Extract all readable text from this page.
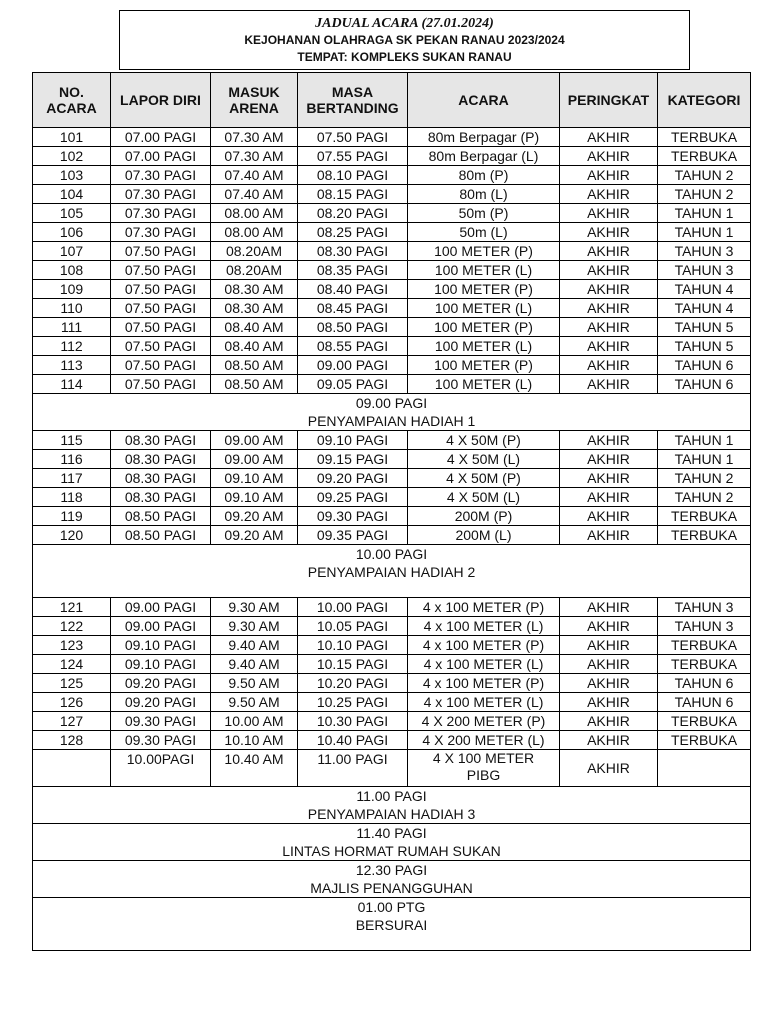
JADUAL ACARA (27.01.2024)
KEJOHANAN OLAHRAGA SK PEKAN RANAU 2023/2024
TEMPAT: KOMPLEKS SUKAN RANAU
NO. ACARA	LAPOR DIRI	MASUK ARENA	MASA BERTANDING	ACARA	PERINGKAT	KATEGORI
101	07.00 PAGI	07.30 AM	07.50 PAGI	80m Berpagar (P)	AKHIR	TERBUKA
102	07.00 PAGI	07.30 AM	07.55 PAGI	80m Berpagar (L)	AKHIR	TERBUKA
103	07.30 PAGI	07.40 AM	08.10 PAGI	80m (P)	AKHIR	TAHUN 2
104	07.30 PAGI	07.40 AM	08.15 PAGI	80m (L)	AKHIR	TAHUN 2
105	07.30 PAGI	08.00 AM	08.20 PAGI	50m (P)	AKHIR	TAHUN 1
106	07.30 PAGI	08.00 AM	08.25 PAGI	50m (L)	AKHIR	TAHUN 1
107	07.50 PAGI	08.20AM	08.30 PAGI	100 METER (P)	AKHIR	TAHUN 3
108	07.50 PAGI	08.20AM	08.35 PAGI	100 METER (L)	AKHIR	TAHUN 3
109	07.50 PAGI	08.30 AM	08.40 PAGI	100 METER (P)	AKHIR	TAHUN 4
110	07.50 PAGI	08.30 AM	08.45 PAGI	100 METER (L)	AKHIR	TAHUN 4
111	07.50 PAGI	08.40 AM	08.50 PAGI	100 METER (P)	AKHIR	TAHUN 5
112	07.50 PAGI	08.40 AM	08.55 PAGI	100 METER (L)	AKHIR	TAHUN 5
113	07.50 PAGI	08.50 AM	09.00 PAGI	100 METER (P)	AKHIR	TAHUN 6
114	07.50 PAGI	08.50 AM	09.05 PAGI	100 METER (L)	AKHIR	TAHUN 6

09.00 PAGI
PENYAMPAIAN HADIAH 1						

115	08.30 PAGI	09.00 AM	09.10 PAGI	4 X 50M (P)	AKHIR	TAHUN 1
116	08.30 PAGI	09.00 AM	09.15 PAGI	4 X 50M (L)	AKHIR	TAHUN 1
117	08.30 PAGI	09.10 AM	09.20 PAGI	4 X 50M (P)	AKHIR	TAHUN 2
118	08.30 PAGI	09.10 AM	09.25 PAGI	4 X 50M (L)	AKHIR	TAHUN 2
119	08.50 PAGI	09.20 AM	09.30 PAGI	200M (P)	AKHIR	TERBUKA
120	08.50 PAGI	09.20 AM	09.35 PAGI	200M (L)	AKHIR	TERBUKA

10.00 PAGI
PENYAMPAIAN HADIAH 2						

121	09.00 PAGI	9.30 AM	10.00 PAGI	4 x 100 METER (P)	AKHIR	TAHUN 3
122	09.00 PAGI	9.30 AM	10.05 PAGI	4 x 100 METER (L)	AKHIR	TAHUN 3
123	09.10 PAGI	9.40 AM	10.10 PAGI	4 x 100 METER (P)	AKHIR	TERBUKA
124	09.10 PAGI	9.40 AM	10.15 PAGI	4 x 100 METER (L)	AKHIR	TERBUKA
125	09.20 PAGI	9.50 AM	10.20 PAGI	4 x 100 METER (P)	AKHIR	TAHUN 6
126	09.20 PAGI	9.50 AM	10.25 PAGI	4 x 100 METER (L)	AKHIR	TAHUN 6
127	09.30 PAGI	10.00 AM	10.30 PAGI	4 X 200 METER (P)	AKHIR	TERBUKA
128	09.30 PAGI	10.10 AM	10.40 PAGI	4 X 200 METER (L)	AKHIR	TERBUKA
	10.00PAGI	10.40 AM	11.00 PAGI	4 X 100 METER PIBG	AKHIR	

11.00 PAGI
PENYAMPAIAN HADIAH 3						

11.40 PAGI
LINTAS HORMAT RUMAH SUKAN						

12.30 PAGI
MAJLIS PENANGGUHAN						

01.00 PTG
BERSURAI						
